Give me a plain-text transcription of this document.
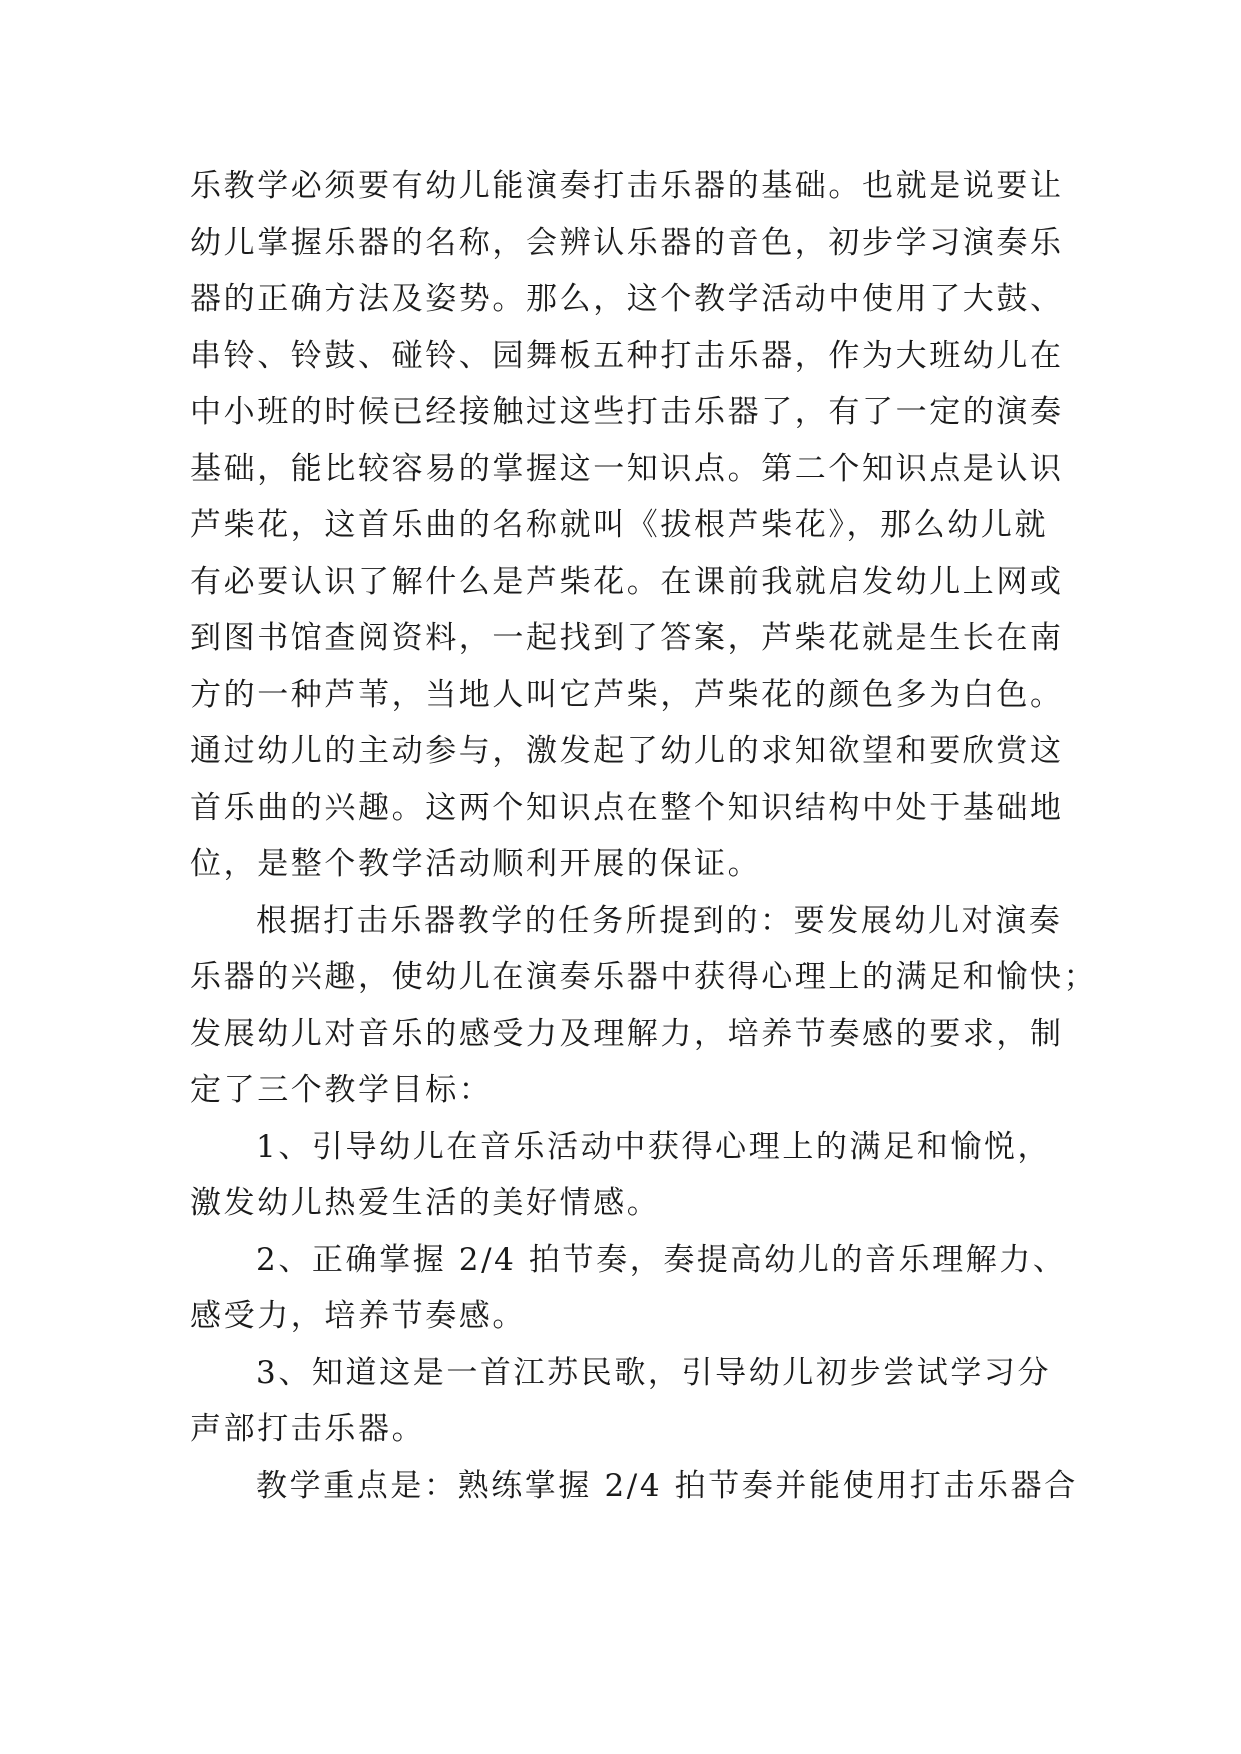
乐教学必须要有幼儿能演奏打击乐器的基础。也就是说要让
幼儿掌握乐器的名称，会辨认乐器的音色，初步学习演奏乐
器的正确方法及姿势。那么，这个教学活动中使用了大鼓、
串铃、铃鼓、碰铃、园舞板五种打击乐器，作为大班幼儿在
中小班的时候已经接触过这些打击乐器了，有了一定的演奏
基础，能比较容易的掌握这一知识点。第二个知识点是认识
芦柴花，这首乐曲的名称就叫《拔根芦柴花》，那么幼儿就
有必要认识了解什么是芦柴花。在课前我就启发幼儿上网或
到图书馆查阅资料，一起找到了答案，芦柴花就是生长在南
方的一种芦苇，当地人叫它芦柴，芦柴花的颜色多为白色。
通过幼儿的主动参与，激发起了幼儿的求知欲望和要欣赏这
首乐曲的兴趣。这两个知识点在整个知识结构中处于基础地
位，是整个教学活动顺利开展的保证。
根据打击乐器教学的任务所提到的：要发展幼儿对演奏
乐器的兴趣，使幼儿在演奏乐器中获得心理上的满足和愉快；
发展幼儿对音乐的感受力及理解力，培养节奏感的要求，制
定了三个教学目标：
1、引导幼儿在音乐活动中获得心理上的满足和愉悦，
激发幼儿热爱生活的美好情感。
2、正确掌握 2/4 拍节奏，奏提高幼儿的音乐理解力、
感受力，培养节奏感。
3、知道这是一首江苏民歌，引导幼儿初步尝试学习分
声部打击乐器。
教学重点是：熟练掌握 2/4 拍节奏并能使用打击乐器合
